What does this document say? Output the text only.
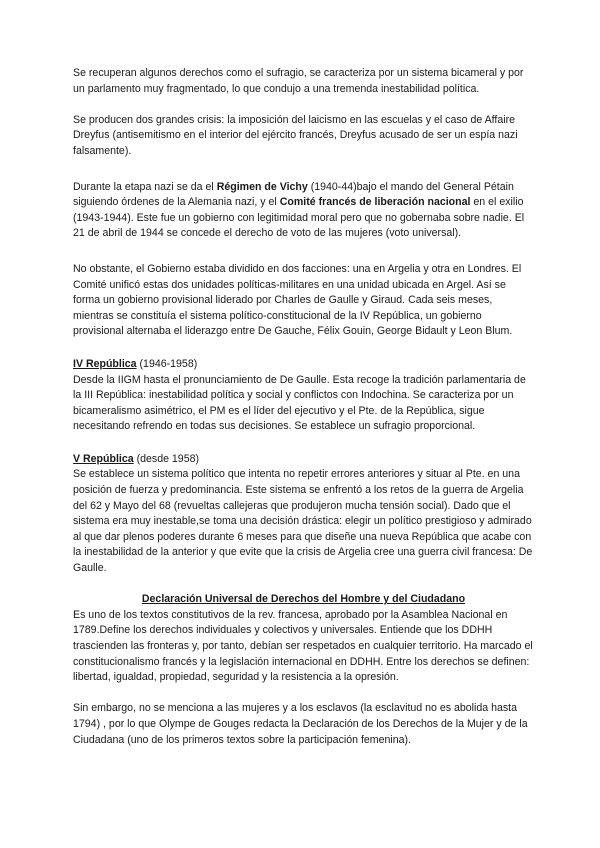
Se recuperan algunos derechos como el sufragio, se caracteriza por un sistema bicameral y por un parlamento muy fragmentado, lo que condujo a una tremenda inestabilidad política.

Se producen dos grandes crisis: la imposición del laicismo en las escuelas y el caso de Affaire Dreyfus (antisemitismo en el interior del ejército francés, Dreyfus acusado de ser un espía nazi falsamente).

Durante la etapa nazi se da el Régimen de Vichy (1940-44)bajo el mando del General Pétain siguiendo órdenes de la Alemania nazi, y el Comité francés de liberación nacional en el exilio (1943-1944). Este fue un gobierno con legitimidad moral pero que no gobernaba sobre nadie. El 21 de abril de 1944 se concede el derecho de voto de las mujeres (voto universal).

No obstante, el Gobierno estaba dividido en dos facciones: una en Argelia y otra en Londres. El Comité unificó estas dos unidades políticas-militares en una unidad ubicada en Argel. Así se forma un gobierno provisional liderado por Charles de Gaulle y Giraud. Cada seis meses, mientras se constituía el sistema político-constitucional de la IV República, un gobierno provisional alternaba el liderazgo entre De Gauche, Félix Gouin, George Bidault y Leon Blum.

IV República (1946-1958)

Desde la IIGM hasta el pronunciamiento de De Gaulle. Esta recoge la tradición parlamentaria de la III República: inestabilidad política y social y conflictos con Indochina. Se caracteriza por un bicameralismo asimétrico, el PM es el líder del ejecutivo y el Pte. de la República, sigue necesitando refrendo en todas sus decisiones. Se establece un sufragio proporcional.

V República (desde 1958)

Se establece un sistema político que intenta no repetir errores anteriores y situar al Pte. en una posición de fuerza y predominancia. Este sistema se enfrentó a los retos de la guerra de Argelia del 62 y Mayo del 68 (revueltas callejeras que produjeron mucha tensión social). Dado que el sistema era muy inestable,se toma una decisión drástica: elegir un político prestigioso y admirado al que dar plenos poderes durante 6 meses para que diseñe una nueva República que acabe con la inestabilidad de la anterior y que evite que la crisis de Argelia cree una guerra civil francesa: De Gaulle.

Declaración Universal de Derechos del Hombre y del Ciudadano

Es uno de los textos constitutivos de la rev. francesa, aprobado por la Asamblea Nacional en 1789.Define los derechos individuales y colectivos y universales. Entiende que los DDHH trascienden las fronteras y, por tanto, debían ser respetados en cualquier territorio. Ha marcado el constitucionalismo francés y la legislación internacional en DDHH. Entre los derechos se definen: libertad, igualdad, propiedad, seguridad y la resistencia a la opresión.

Sin embargo, no se menciona a las mujeres y a los esclavos (la esclavitud no es abolida hasta 1794) , por lo que Olympe de Gouges redacta la Declaración de los Derechos de la Mujer y de la Ciudadana (uno de los primeros textos sobre la participación femenina).
